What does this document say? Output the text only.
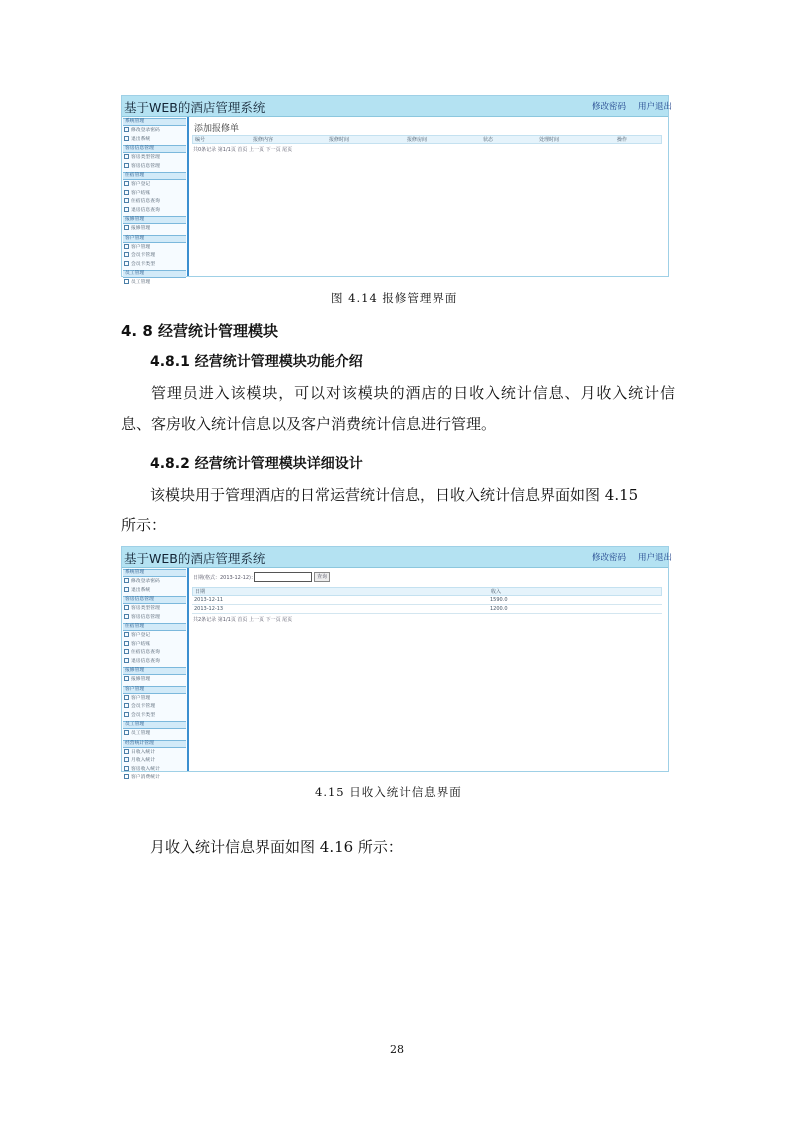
基于WEB的酒店管理系统	修改密码 用户退出
系统管理
修改登录密码
退出系统
客房信息管理
客房类型管理
客房信息管理
住宿管理
客户登记
客户结账
住宿信息查询
退房信息查询
报修管理
报修管理
客户管理
客户管理
会员卡管理
会员卡类型
员工管理
员工管理
添加报修单
编号	报修内容	报修时间	报修房间	状态	处理时间	操作
共0条记录 第1/1页 首页 上一页 下一页 尾页
图 4.14 报修管理界面
4. 8 经营统计管理模块
4.8.1 经营统计管理模块功能介绍
管理员进入该模块，可以对该模块的酒店的日收入统计信息、月收入统计信息、客房收入统计信息以及客户消费统计信息进行管理。
4.8.2 经营统计管理模块详细设计
该模块用于管理酒店的日常运营统计信息，日收入统计信息界面如图 4.15
所示：
基于WEB的酒店管理系统	修改密码 用户退出
系统管理
修改登录密码
退出系统
客房信息管理
客房类型管理
客房信息管理
住宿管理
客户登记
客户结账
住宿信息查询
退房信息查询
报修管理
报修管理
客户管理
客户管理
会员卡管理
会员卡类型
员工管理
员工管理
经营统计管理
日收入统计
月收入统计
客房收入统计
客户消费统计
日期(格式：2013-12-12)：	查询
日期	收入
2013-12-11	1590.0
2013-12-13	1200.0
共2条记录 第1/1页 首页 上一页 下一页 尾页
4.15 日收入统计信息界面
月收入统计信息界面如图 4.16 所示：
28
